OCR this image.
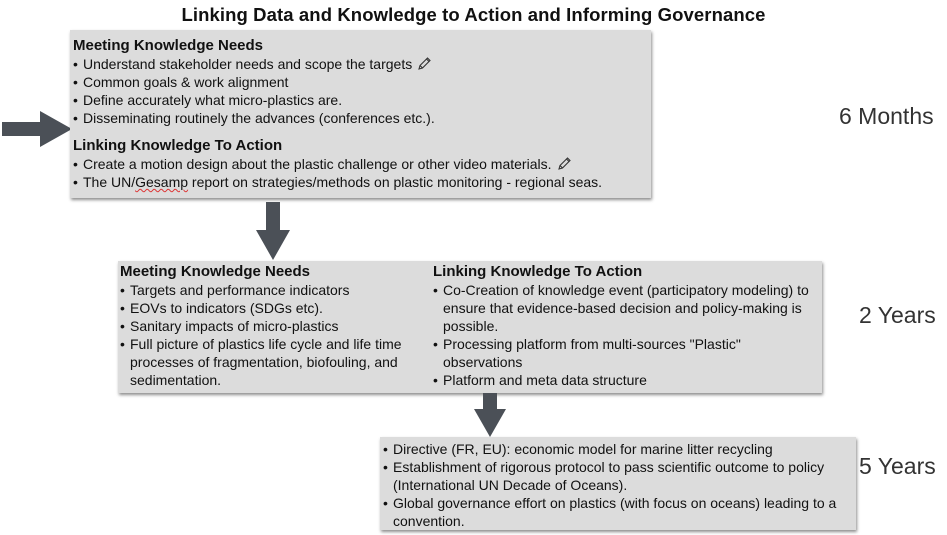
Linking Data and Knowledge to Action and Informing Governance

Meeting Knowledge Needs

• Understand stakeholder needs and scope the targets
• Common goals & work alignment
• Define accurately what micro-plastics are.
• Disseminating routinely the advances (conferences etc.).

Linking Knowledge To Action

• Create a motion design about the plastic challenge or other video materials.
• The UN/Gesamp report on strategies/methods on plastic monitoring - regional seas.
6 Months

Meeting Knowledge Needs

• Targets and performance indicators
• EOVs to indicators (SDGs etc).
• Sanitary impacts of micro-plastics
• Full picture of plastics life cycle and life time processes of fragmentation, biofouling, and sedimentation.

Linking Knowledge To Action

• Co-Creation of knowledge event (participatory modeling) to ensure that evidence-based decision and policy-making is possible.
• Processing platform from multi-sources "Plastic" observations
• Platform and meta data structure
2 Years
• Directive (FR, EU): economic model for marine litter recycling
• Establishment of rigorous protocol to pass scientific outcome to policy (International UN Decade of Oceans).
• Global governance effort on plastics (with focus on oceans) leading to a convention.
5 Years
